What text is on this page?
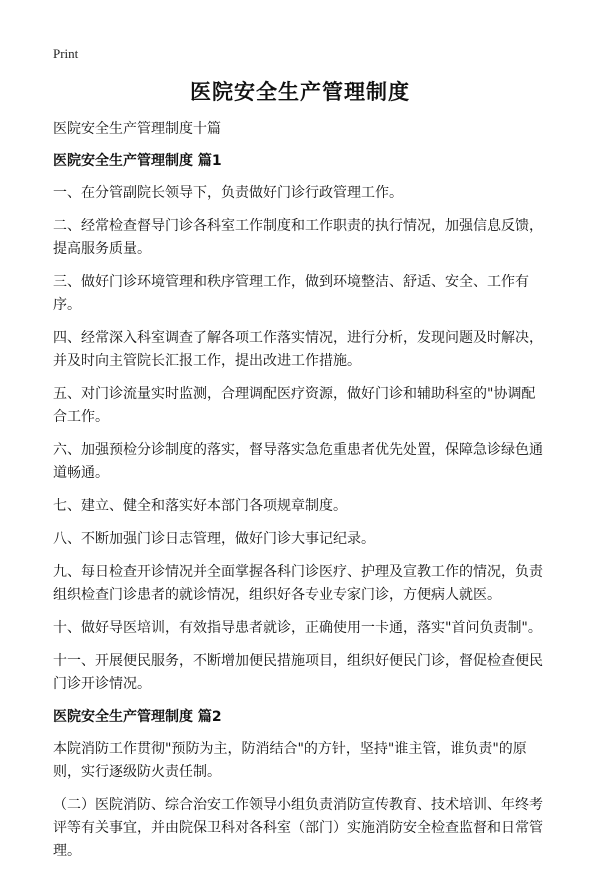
Print
医院安全生产管理制度

医院安全生产管理制度十篇

医院安全生产管理制度 篇1

一、在分管副院长领导下，负责做好门诊行政管理工作。

二、经常检查督导门诊各科室工作制度和工作职责的执行情况，加强信息反馈，提高服务质量。

三、做好门诊环境管理和秩序管理工作，做到环境整洁、舒适、安全、工作有序。

四、经常深入科室调查了解各项工作落实情况，进行分析，发现问题及时解决，并及时向主管院长汇报工作，提出改进工作措施。

五、对门诊流量实时监测，合理调配医疗资源，做好门诊和辅助科室的"协调配合工作。

六、加强预检分诊制度的落实，督导落实急危重患者优先处置，保障急诊绿色通道畅通。

七、建立、健全和落实好本部门各项规章制度。

八、不断加强门诊日志管理，做好门诊大事记纪录。

九、每日检查开诊情况并全面掌握各科门诊医疗、护理及宣教工作的情况，负责组织检查门诊患者的就诊情况，组织好各专业专家门诊，方便病人就医。

十、做好导医培训，有效指导患者就诊，正确使用一卡通，落实"首问负责制"。

十一、开展便民服务，不断增加便民措施项目，组织好便民门诊，督促检查便民门诊开诊情况。

医院安全生产管理制度 篇2

本院消防工作贯彻"预防为主，防消结合"的方针，坚持"谁主管，谁负责"的原则，实行逐级防火责任制。

（二）医院消防、综合治安工作领导小组负责消防宣传教育、技术培训、年终考评等有关事宜，并由院保卫科对各科室（部门）实施消防安全检查监督和日常管理。
